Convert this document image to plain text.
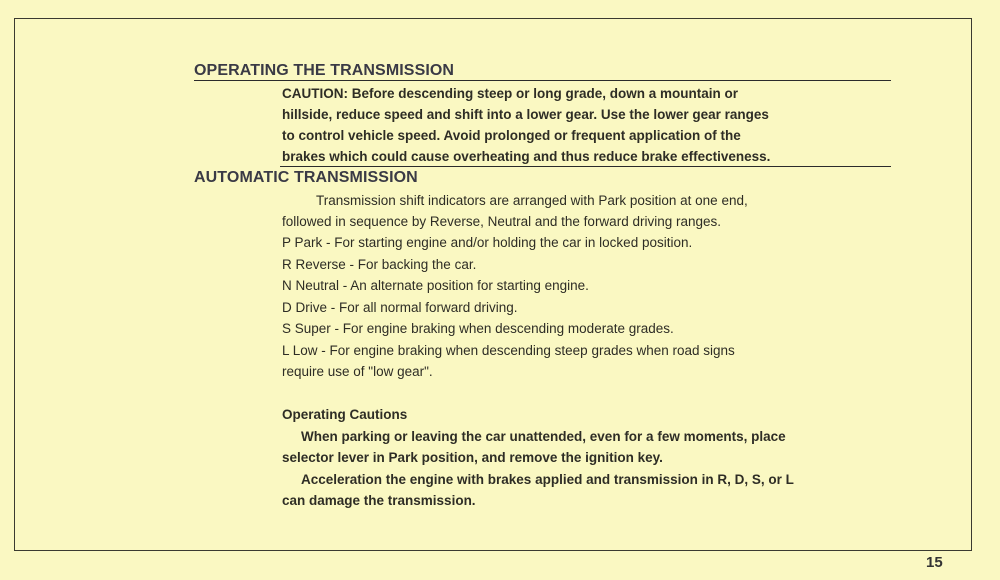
OPERATING THE TRANSMISSION
CAUTION: Before descending steep or long grade, down a mountain or
hillside, reduce speed and shift into a lower gear. Use the lower gear ranges
to control vehicle speed. Avoid prolonged or frequent application of the
brakes which could cause overheating and thus reduce brake effectiveness.
AUTOMATIC TRANSMISSION
Transmission shift indicators are arranged with Park position at one end,
followed in sequence by Reverse, Neutral and the forward driving ranges.
P Park - For starting engine and/or holding the car in locked position.
R Reverse - For backing the car.
N Neutral - An alternate position for starting engine.
D Drive - For all normal forward driving.
S Super - For engine braking when descending moderate grades.
L Low - For engine braking when descending steep grades when road signs
require use of "low gear".
Operating Cautions
When parking or leaving the car unattended, even for a few moments, place
selector lever in Park position, and remove the ignition key.
Acceleration the engine with brakes applied and transmission in R, D, S, or L
can damage the transmission.
15
